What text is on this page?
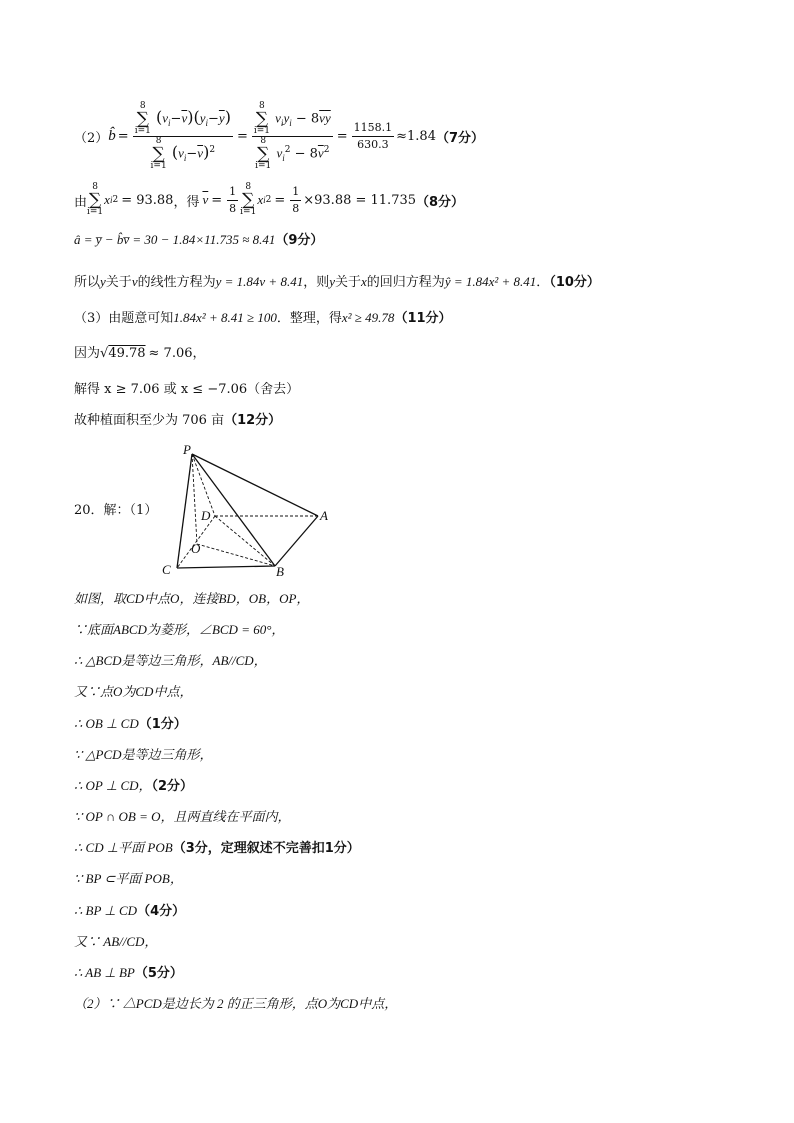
（2） b̂ = 8
∑
i=1 $(v_i-\overline{v})(y_i-\overline{y})$
8
∑
i=1 $(v_i-\overline{v})^2 = 8$
∑
i=1 $v_iy_i - 8\overline{v}\overline{y}$
8
∑
i=1 $v_i^2 - 8\overline{v}^2 = \frac{1158.1}{630.3} \approx 1.84$ （7分）
由
8
∑
i=1
x i 2 = 93.88 ，得 $\overline{v} = \frac{1}{8} 8$
∑
i=1
x i $2 = \frac{1}{8} \times 93.88 = 11.735$ （8分）
â = y̅ − b̂v̅ = 30 − 1.84×11.735 ≈ 8.41（9分）
所以y关于v的线性方程为y = 1.84v + 8.41，则y关于x的回归方程为ŷ = 1.84x² + 8.41．（10分）
（3）由题意可知1.84x² + 8.41 ≥ 100．整理，得x² ≥ 49.78（11分）
因为√49.78 ≈ 7.06，
解得 x ≥ 7.06 或 x ≤ −7.06（舍去）
故种植面积至少为 706 亩（12分）
20．解：（1）
P
D	A
O
C	B
如图，取CD中点O，连接BD，OB，OP，
∵底面ABCD为菱形，∠BCD = 60°，
∴ △BCD是等边三角形，AB//CD，
又∵点O为CD中点，
∴ OB ⊥ CD（1分）
∵ △PCD是等边三角形，
∴ OP ⊥ CD，（2分）
∵ OP ∩ OB = O，且两直线在平面内，
∴ CD ⊥平面 POB（3分，定理叙述不完善扣1分）
∵ BP ⊂平面 POB，
∴ BP ⊥ CD（4分）
又∵ AB//CD，
∴ AB ⊥ BP（5分）
（2）∵ △PCD是边长为 2 的正三角形，点O为CD中点，
